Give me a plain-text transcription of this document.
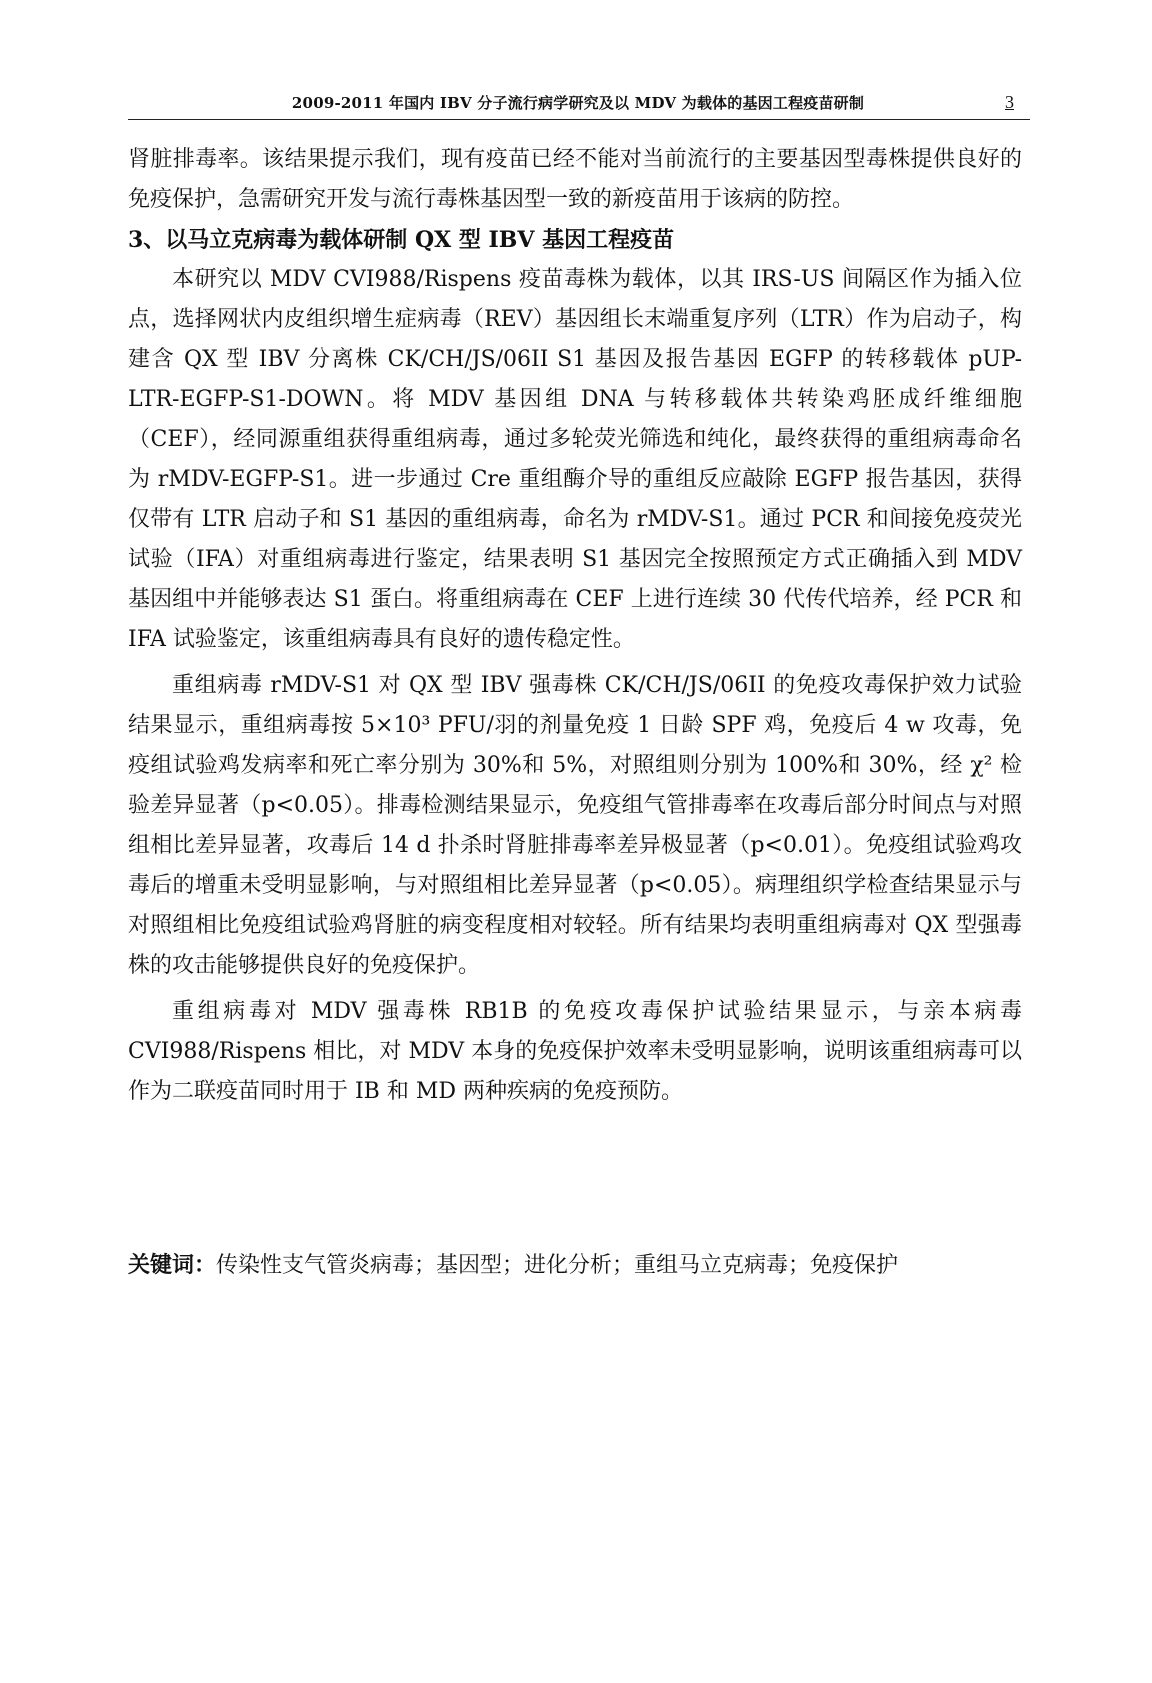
2009-2011 年国内 IBV 分子流行病学研究及以 MDV 为载体的基因工程疫苗研制	3

肾脏排毒率。该结果提示我们，现有疫苗已经不能对当前流行的主要基因型毒株提供良好的免疫保护，急需研究开发与流行毒株基因型一致的新疫苗用于该病的防控。

3、以马立克病毒为载体研制 QX 型 IBV 基因工程疫苗

本研究以 MDV CVI988/Rispens 疫苗毒株为载体，以其 IRS-US 间隔区作为插入位点，选择网状内皮组织增生症病毒（REV）基因组长末端重复序列（LTR）作为启动子，构建含 QX 型 IBV 分离株 CK/CH/JS/06II S1 基因及报告基因 EGFP 的转移载体 pUP-LTR-EGFP-S1-DOWN。将 MDV 基因组 DNA 与转移载体共转染鸡胚成纤维细胞（CEF），经同源重组获得重组病毒，通过多轮荧光筛选和纯化，最终获得的重组病毒命名为 rMDV-EGFP-S1。进一步通过 Cre 重组酶介导的重组反应敲除 EGFP 报告基因，获得仅带有 LTR 启动子和 S1 基因的重组病毒，命名为 rMDV-S1。通过 PCR 和间接免疫荧光试验（IFA）对重组病毒进行鉴定，结果表明 S1 基因完全按照预定方式正确插入到 MDV 基因组中并能够表达 S1 蛋白。将重组病毒在 CEF 上进行连续 30 代传代培养，经 PCR 和 IFA 试验鉴定，该重组病毒具有良好的遗传稳定性。

重组病毒 rMDV-S1 对 QX 型 IBV 强毒株 CK/CH/JS/06II 的免疫攻毒保护效力试验结果显示，重组病毒按 5×10³ PFU/羽的剂量免疫 1 日龄 SPF 鸡，免疫后 4 w 攻毒，免疫组试验鸡发病率和死亡率分别为 30%和 5%，对照组则分别为 100%和 30%，经 χ² 检验差异显著（p<0.05）。排毒检测结果显示，免疫组气管排毒率在攻毒后部分时间点与对照组相比差异显著，攻毒后 14 d 扑杀时肾脏排毒率差异极显著（p<0.01）。免疫组试验鸡攻毒后的增重未受明显影响，与对照组相比差异显著（p<0.05）。病理组织学检查结果显示与对照组相比免疫组试验鸡肾脏的病变程度相对较轻。所有结果均表明重组病毒对 QX 型强毒株的攻击能够提供良好的免疫保护。

重组病毒对 MDV 强毒株 RB1B 的免疫攻毒保护试验结果显示，与亲本病毒 CVI988/Rispens 相比，对 MDV 本身的免疫保护效率未受明显影响，说明该重组病毒可以作为二联疫苗同时用于 IB 和 MD 两种疾病的免疫预防。

关键词：传染性支气管炎病毒；基因型；进化分析；重组马立克病毒；免疫保护
